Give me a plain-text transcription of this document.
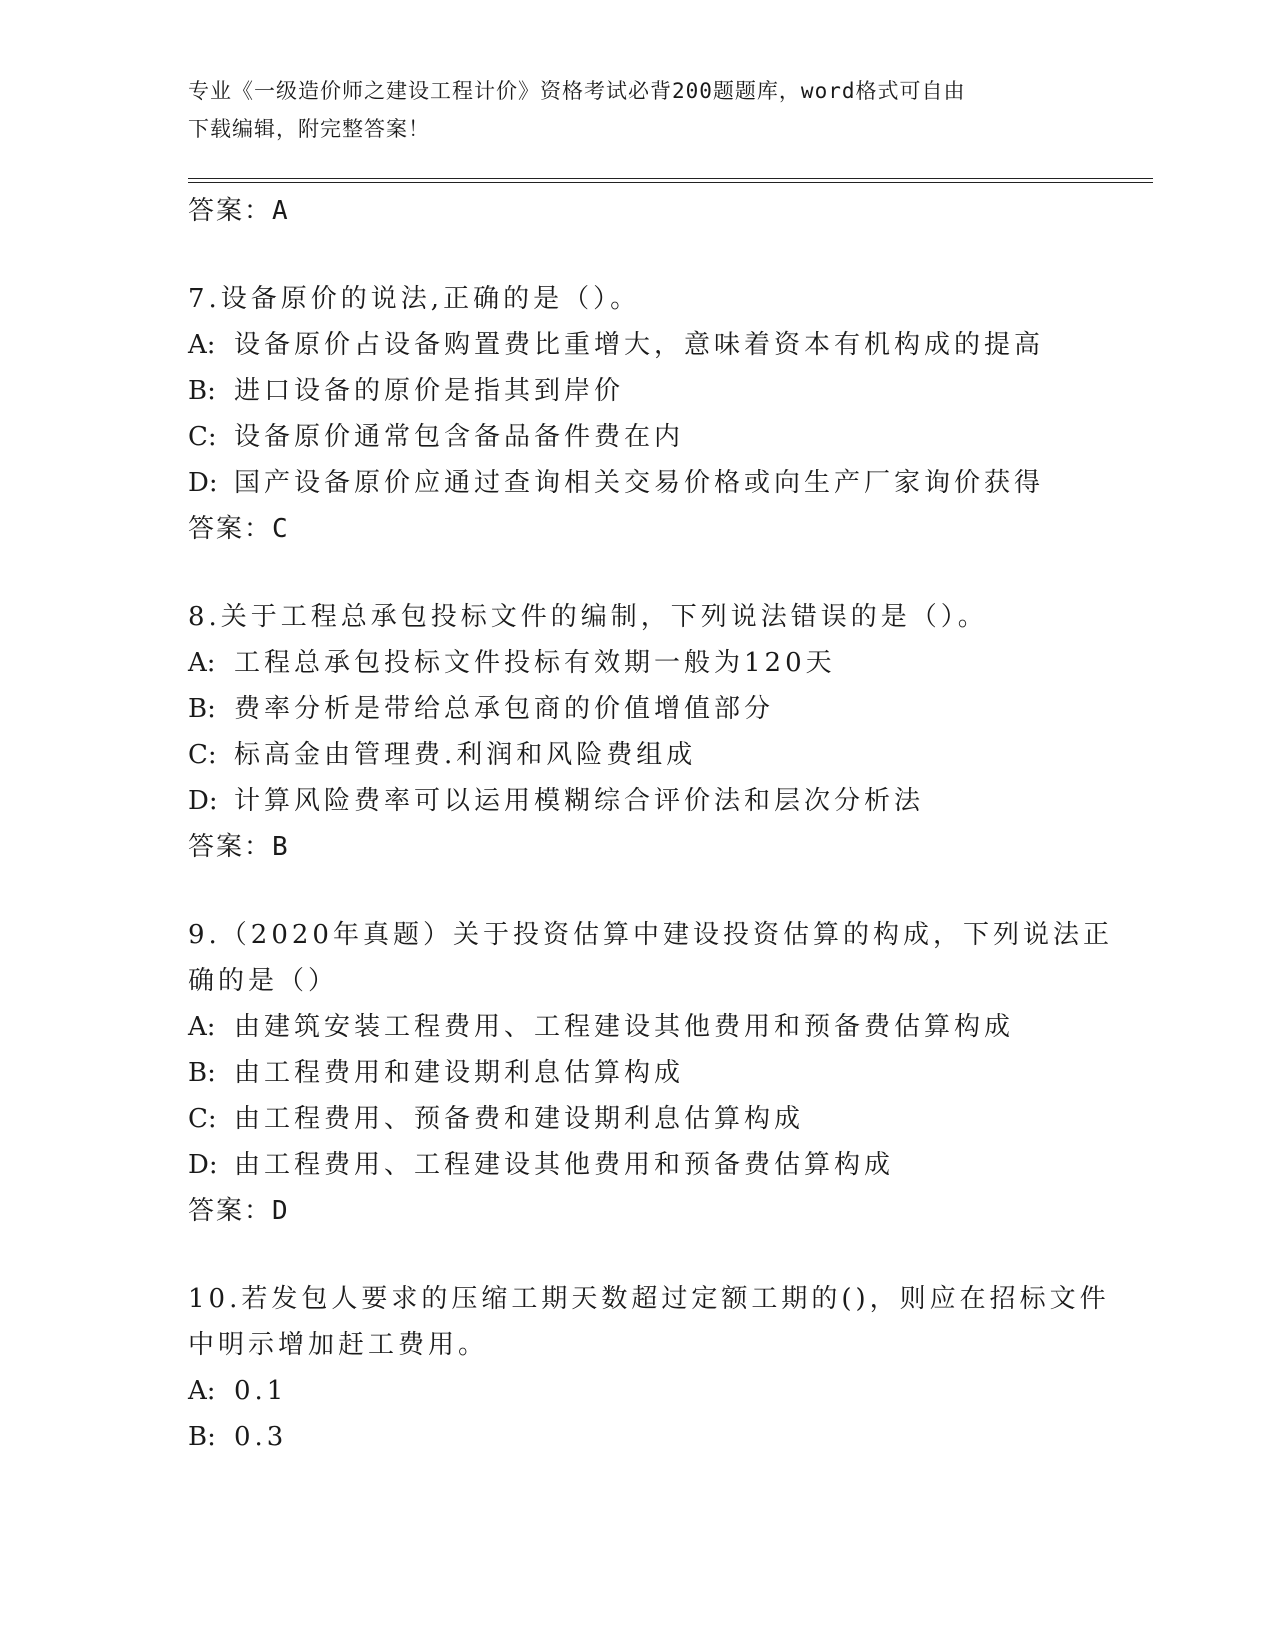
专业《一级造价师之建设工程计价》资格考试必背200题题库，word格式可自由
下载编辑，附完整答案！
答案：A
7.设备原价的说法,正确的是（）。
A: 设备原价占设备购置费比重增大，意味着资本有机构成的提高
B: 进口设备的原价是指其到岸价
C: 设备原价通常包含备品备件费在内
D: 国产设备原价应通过查询相关交易价格或向生产厂家询价获得
答案：C
8.关于工程总承包投标文件的编制，下列说法错误的是（）。
A: 工程总承包投标文件投标有效期一般为120天
B: 费率分析是带给总承包商的价值增值部分
C: 标高金由管理费.利润和风险费组成
D: 计算风险费率可以运用模糊综合评价法和层次分析法
答案：B
9.（2020年真题）关于投资估算中建设投资估算的构成，下列说法正
确的是（）
A: 由建筑安装工程费用、工程建设其他费用和预备费估算构成
B: 由工程费用和建设期利息估算构成
C: 由工程费用、预备费和建设期利息估算构成
D: 由工程费用、工程建设其他费用和预备费估算构成
答案：D
10.若发包人要求的压缩工期天数超过定额工期的()，则应在招标文件
中明示增加赶工费用。
A: 0.1
B: 0.3
